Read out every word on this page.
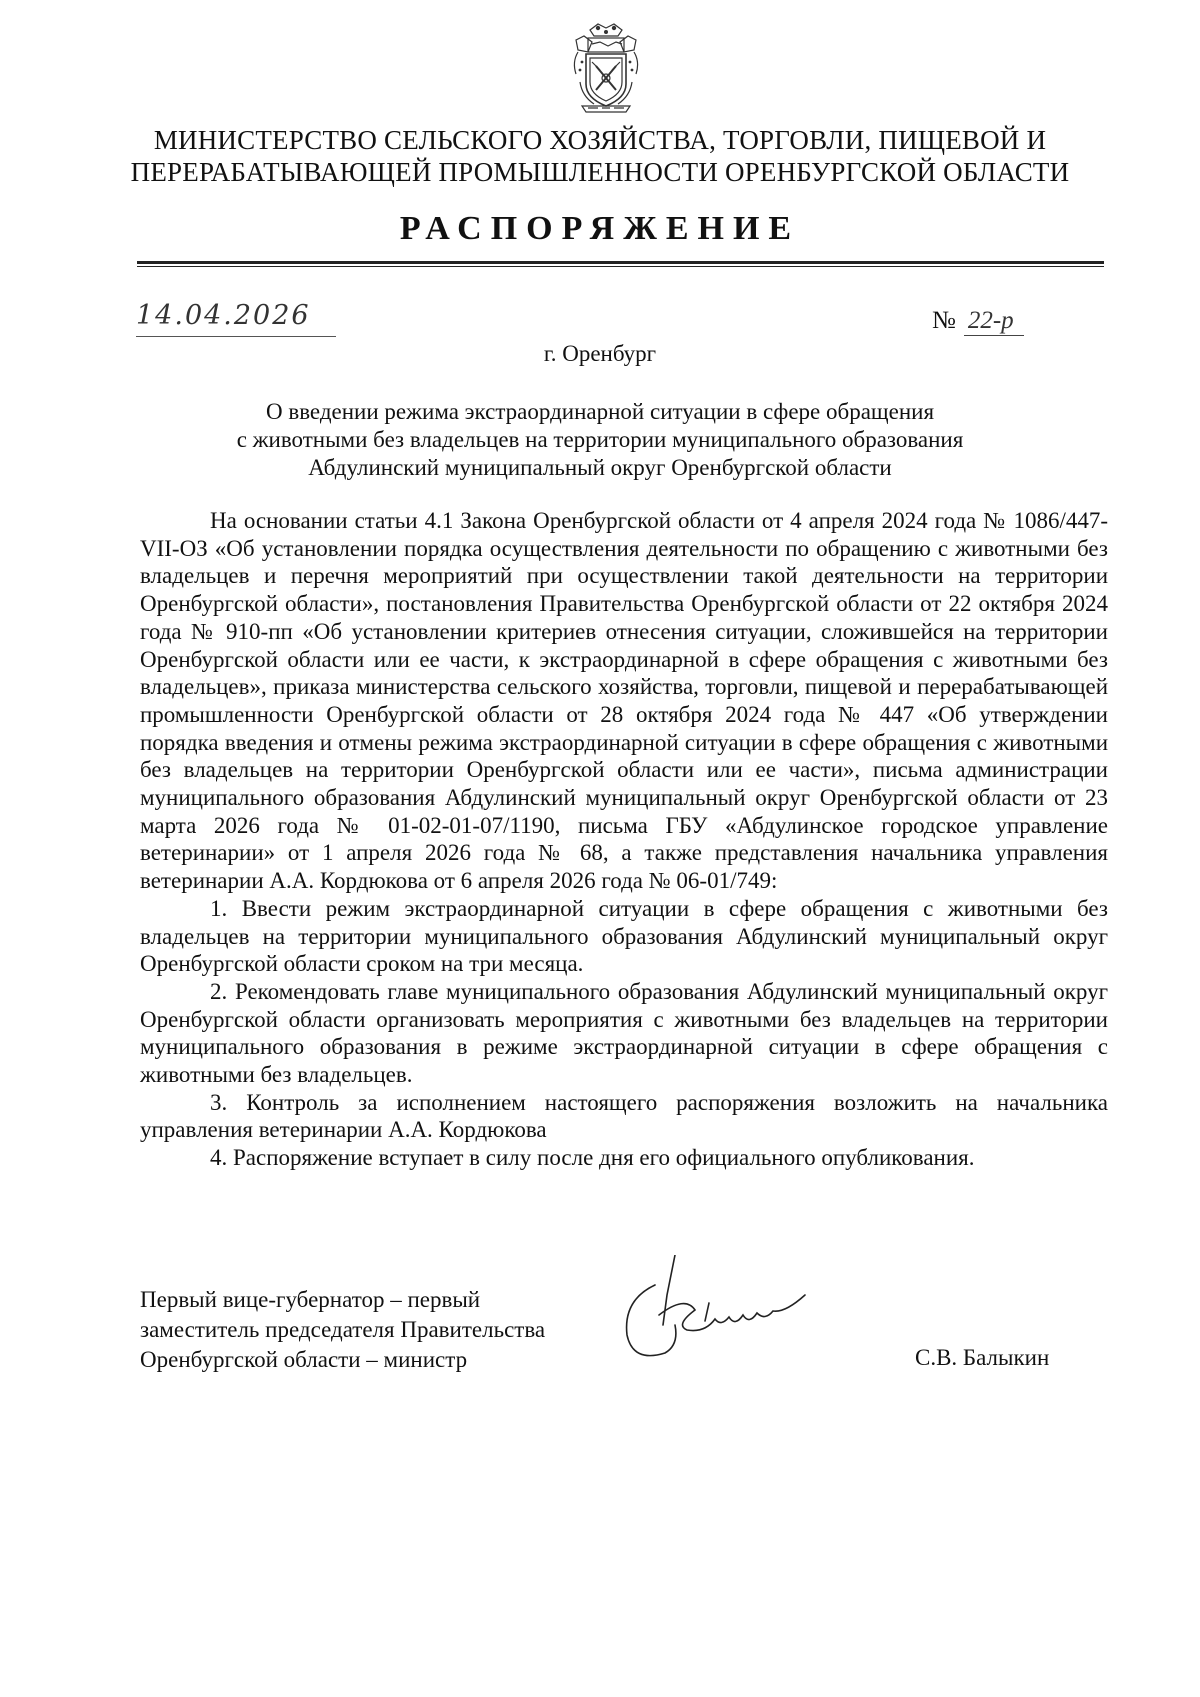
МИНИСТЕРСТВО СЕЛЬСКОГО ХОЗЯЙСТВА, ТОРГОВЛИ, ПИЩЕВОЙ И
ПЕРЕРАБАТЫВАЮЩЕЙ ПРОМЫШЛЕННОСТИ ОРЕНБУРГСКОЙ ОБЛАСТИ
РАСПОРЯЖЕНИЕ
14.04.2026	№ 22-р
г. Оренбург
О введении режима экстраординарной ситуации в сфере обращения
с животными без владельцев на территории муниципального образования
Абдулинский муниципальный округ Оренбургской области

На основании статьи 4.1 Закона Оренбургской области от 4 апреля 2024 года № 1086/447-VII-ОЗ «Об установлении порядка осуществления деятельности по обращению с животными без владельцев и перечня мероприятий при осуществлении такой деятельности на территории Оренбургской области», постановления Правительства Оренбургской области от 22 октября 2024 года № 910-пп «Об установлении критериев отнесения ситуации, сложившейся на территории Оренбургской области или ее части, к экстраординарной в сфере обращения с животными без владельцев», приказа министерства сельского хозяйства, торговли, пищевой и перерабатывающей промышленности Оренбургской области от 28 октября 2024 года № 447 «Об утверждении порядка введения и отмены режима экстраординарной ситуации в сфере обращения с животными без владельцев на территории Оренбургской области или ее части», письма администрации муниципального образования Абдулинский муниципальный округ Оренбургской области от 23 марта 2026 года № 01-02-01-07/1190, письма ГБУ «Абдулинское городское управление ветеринарии» от 1 апреля 2026 года № 68, а также представления начальника управления ветеринарии А.А. Кордюкова от 6 апреля 2026 года № 06-01/749:

1. Ввести режим экстраординарной ситуации в сфере обращения с животными без владельцев на территории муниципального образования Абдулинский муниципальный округ Оренбургской области сроком на три месяца.

2. Рекомендовать главе муниципального образования Абдулинский муниципальный округ Оренбургской области организовать мероприятия с животными без владельцев на территории муниципального образования в режиме экстраординарной ситуации в сфере обращения с животными без владельцев.

3. Контроль за исполнением настоящего распоряжения возложить на начальника управления ветеринарии А.А. Кордюкова

4. Распоряжение вступает в силу после дня его официального опубликования.

Первый вице-губернатор – первый
заместитель председателя Правительства
Оренбургской области – министр	С.В. Балыкин
